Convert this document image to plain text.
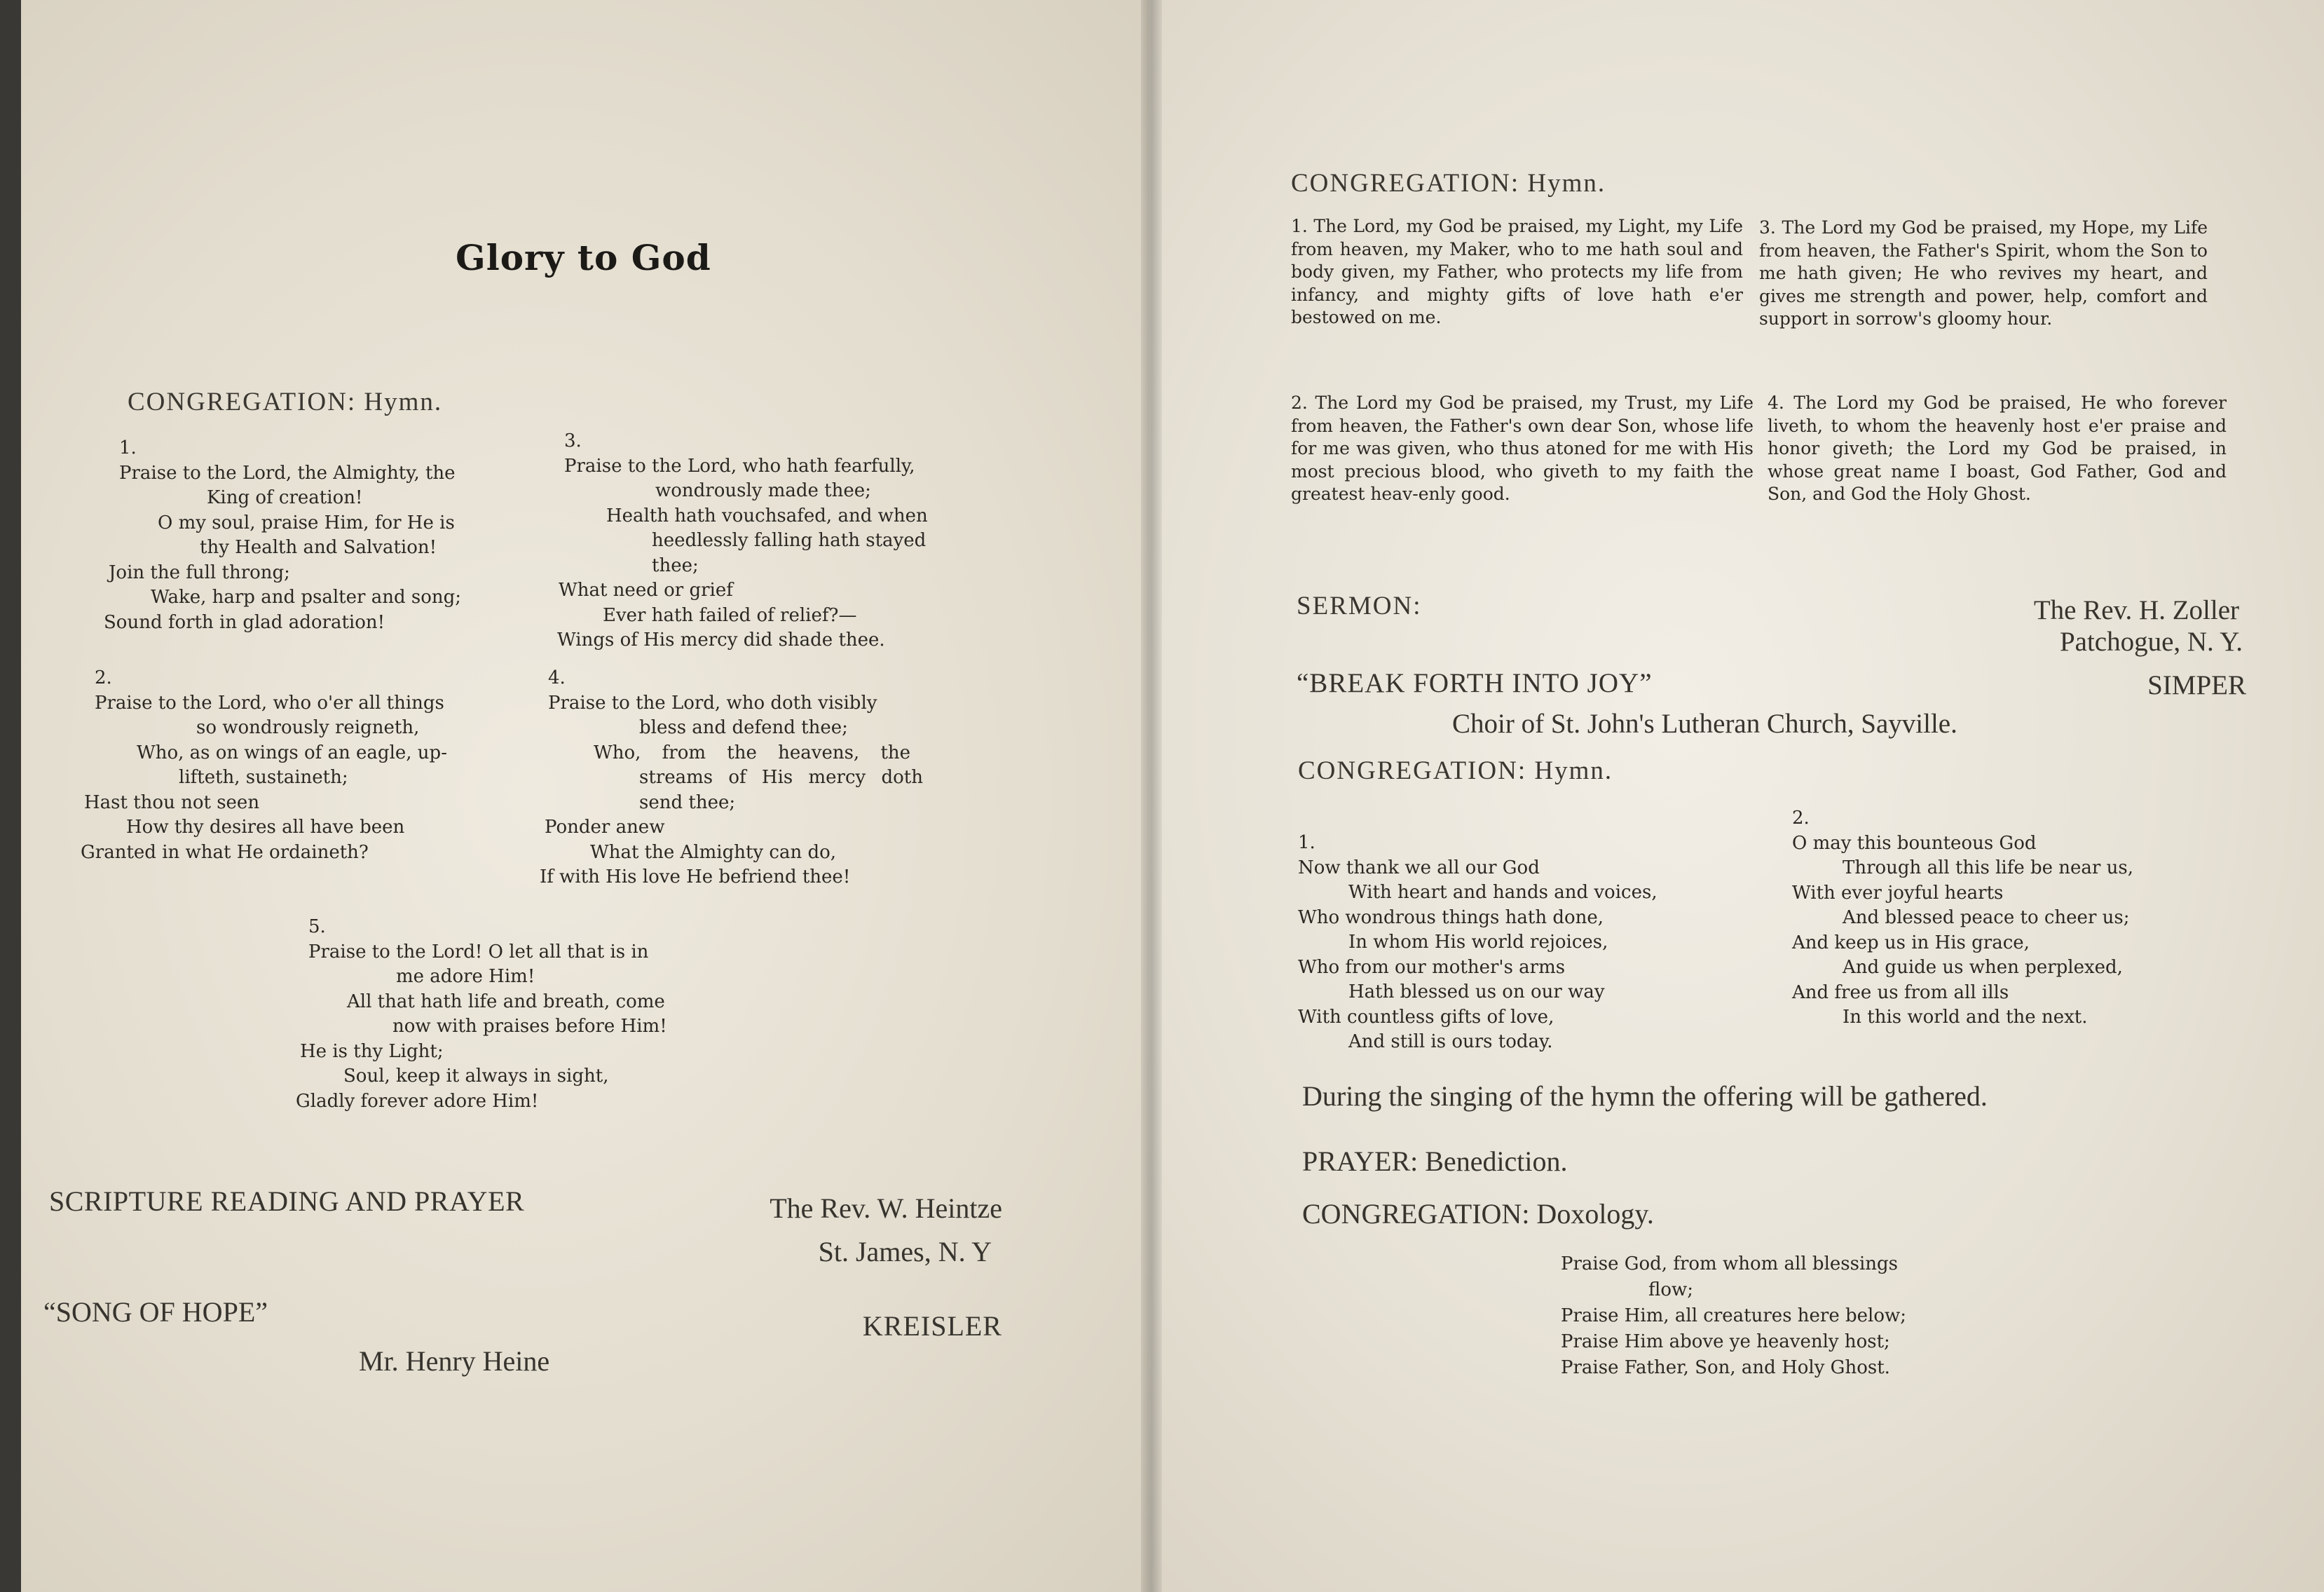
Glory to God
CONGREGATION: Hymn.
1.
Praise to the Lord, the Almighty, the
King of creation!
O my soul, praise Him, for He is
thy Health and Salvation!
Join the full throng;
Wake, harp and psalter and song;
Sound forth in glad adoration!
3.
Praise to the Lord, who hath fearfully,
wondrously made thee;
Health hath vouchsafed, and when
heedlessly falling hath stayed
thee;
What need or grief
Ever hath failed of relief?—
Wings of His mercy did shade thee.
2.
Praise to the Lord, who o'er all things
so wondrously reigneth,
Who, as on wings of an eagle, up-
lifteth, sustaineth;
Hast thou not seen
How thy desires all have been
Granted in what He ordaineth?
4.
Praise to the Lord, who doth visibly
bless and defend thee;
Who, from the heavens, the
streams of His mercy doth
send thee;
Ponder anew
What the Almighty can do,
If with His love He befriend thee!
5.
Praise to the Lord! O let all that is in
me adore Him!
All that hath life and breath, come
now with praises before Him!
He is thy Light;
Soul, keep it always in sight,
Gladly forever adore Him!
SCRIPTURE READING AND PRAYER	The Rev. W. Heintze
St. James, N. Y
“SONG OF HOPE”	KREISLER
Mr. Henry Heine
CONGREGATION: Hymn.
1. The Lord, my God be praised, my Light, my Life from heaven, my Maker, who to me hath soul and body given, my Father, who protects my life from infancy, and mighty gifts of love hath e'er bestowed on me.
3. The Lord my God be praised, my Hope, my Life from heaven, the Father's Spirit, whom the Son to me hath given; He who revives my heart, and gives me strength and power, help, comfort and support in sorrow's gloomy hour.
2. The Lord my God be praised, my Trust, my Life from heaven, the Father's own dear Son, whose life for me was given, who thus atoned for me with His most precious blood, who giveth to my faith the greatest heav-enly good.
4. The Lord my God be praised, He who forever liveth, to whom the heavenly host e'er praise and honor giveth; the Lord my God be praised, in whose great name I boast, God Father, God and Son, and God the Holy Ghost.
SERMON:	The Rev. H. Zoller
Patchogue, N. Y.
“BREAK FORTH INTO JOY”	SIMPER
Choir of St. John's Lutheran Church, Sayville.
CONGREGATION: Hymn.
1.
Now thank we all our God
With heart and hands and voices,
Who wondrous things hath done,
In whom His world rejoices,
Who from our mother's arms
Hath blessed us on our way
With countless gifts of love,
And still is ours today.
2.
O may this bounteous God
Through all this life be near us,
With ever joyful hearts
And blessed peace to cheer us;
And keep us in His grace,
And guide us when perplexed,
And free us from all ills
In this world and the next.
During the singing of the hymn the offering will be gathered.
PRAYER: Benediction.
CONGREGATION: Doxology.
Praise God, from whom all blessings
flow;
Praise Him, all creatures here below;
Praise Him above ye heavenly host;
Praise Father, Son, and Holy Ghost.
